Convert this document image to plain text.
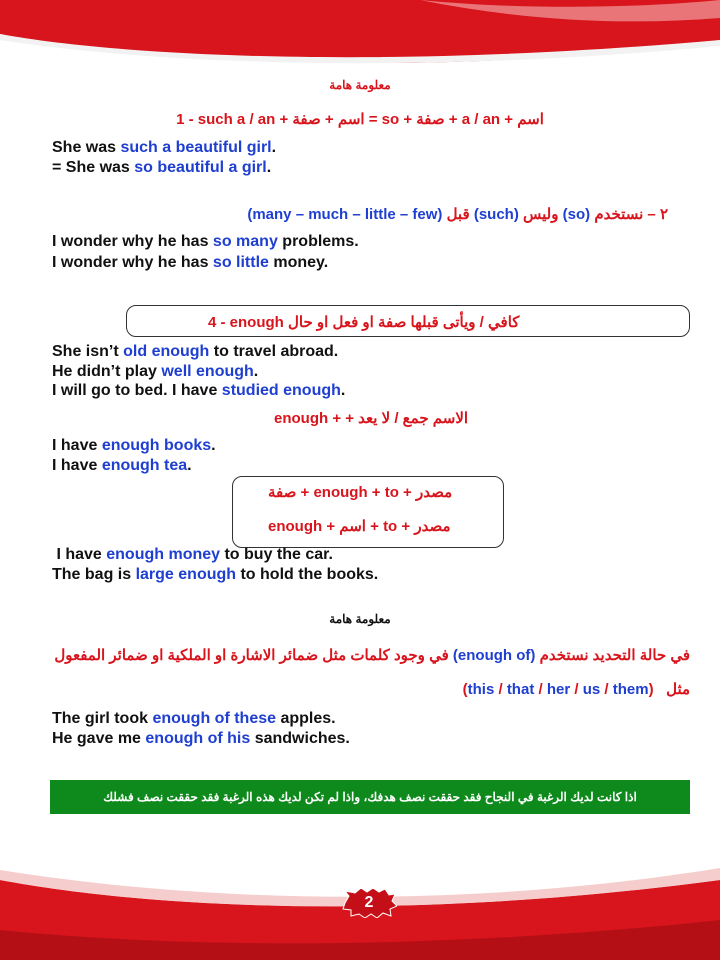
معلومة هامة
1 - such a / an + اسم + صفة = so + صفة + a / an + اسم
She was such a beautiful girl.
= She was so beautiful a girl.
٢ – نستخدم (so) وليس (such) قبل (many – much – little – few)
I wonder why he has so many problems.
I wonder why he has so little money.
4 - enough كافي / ويأتى قبلها صفة او فعل او حال
She isn’t old enough to travel abroad.
He didn’t play well enough.
I will go to bed. I have studied enough.
enough + الاسم جمع / لا يعد +
I have enough books.
I have enough tea.
صفة + enough + to + مصدر
enough + اسم + to + مصدر
I have enough money to buy the car.
The bag is large enough to hold the books.
معلومة هامة
في حالة التحديد نستخدم (enough of) في وجود كلمات مثل ضمائر الاشارة او الملكية او ضمائر المفعول
مثل   (this / that / her / us / them)
The girl took enough of these apples.
He gave me enough of his sandwiches.
اذا كانت لديك الرغبة في النجاح فقد حققت نصف هدفك، واذا لم تكن لديك هذه الرغبة فقد حققت نصف فشلك
2
